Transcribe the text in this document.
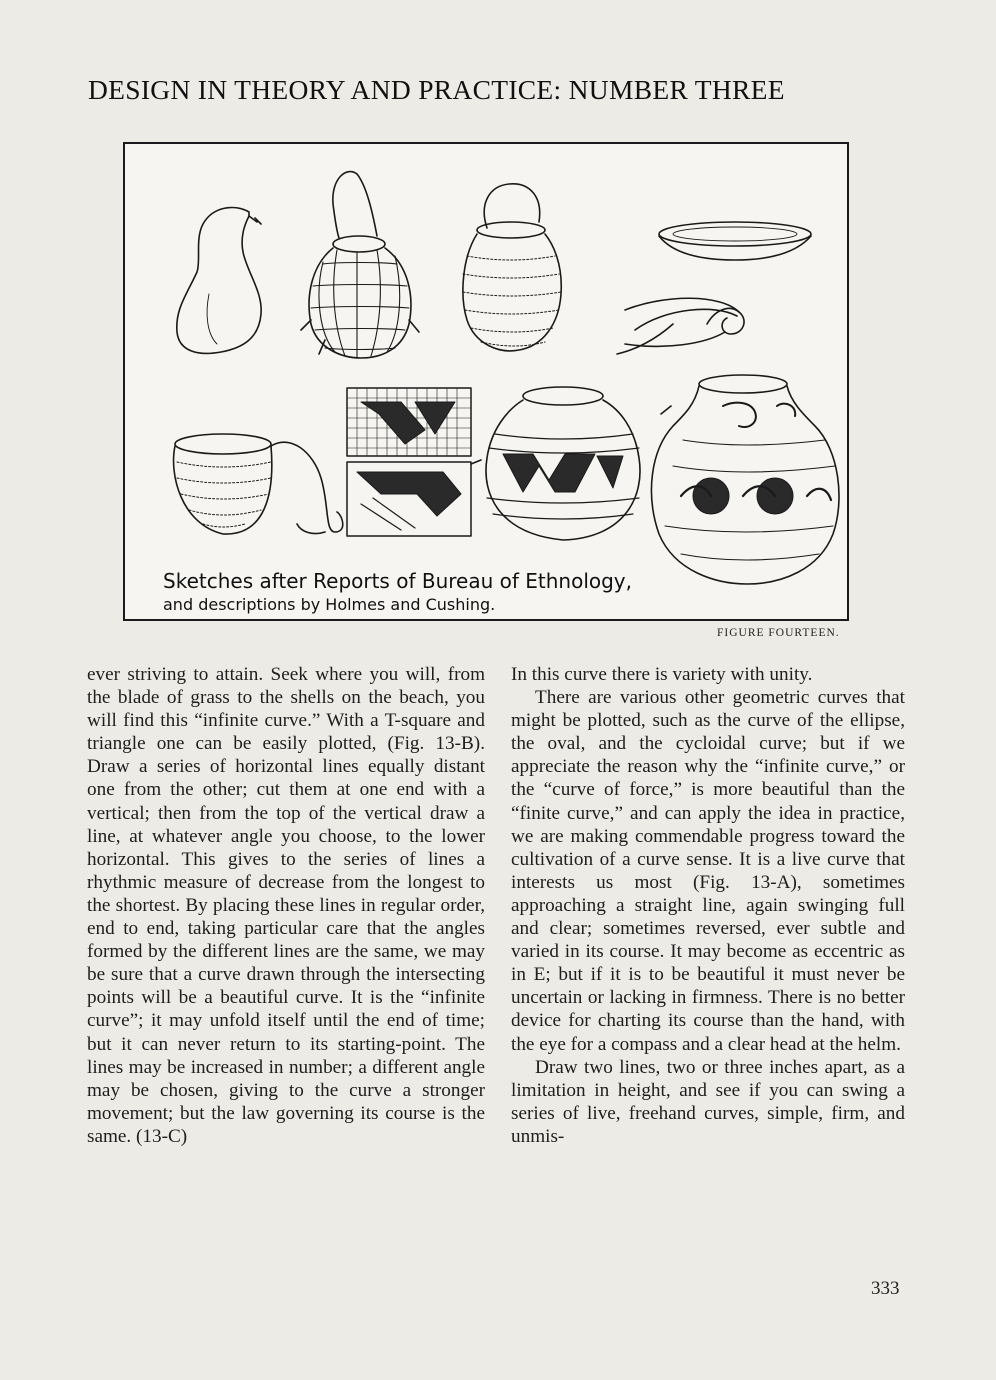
DESIGN IN THEORY AND PRACTICE: NUMBER THREE
Sketches after Reports of Bureau of Ethnology,
and descriptions by Holmes and Cushing.
FIGURE FOURTEEN.

ever striving to attain. Seek where you will, from the blade of grass to the shells on the beach, you will find this “infinite curve.” With a T-square and triangle one can be easily plotted, (Fig. 13-B). Draw a series of horizontal lines equally distant one from the other; cut them at one end with a vertical; then from the top of the vertical draw a line, at whatever angle you choose, to the lower horizontal. This gives to the series of lines a rhythmic measure of decrease from the longest to the shortest. By placing these lines in regular order, end to end, taking particular care that the angles formed by the different lines are the same, we may be sure that a curve drawn through the intersecting points will be a beautiful curve. It is the “infinite curve”; it may unfold itself until the end of time; but it can never return to its starting-point. The lines may be increased in number; a different angle may be chosen, giving to the curve a stronger movement; but the law governing its course is the same. (13-C)

In this curve there is variety with unity.

There are various other geometric curves that might be plotted, such as the curve of the ellipse, the oval, and the cycloidal curve; but if we appreciate the reason why the “infinite curve,” or the “curve of force,” is more beautiful than the “finite curve,” and can apply the idea in practice, we are making commendable progress toward the cultivation of a curve sense. It is a live curve that interests us most (Fig. 13-A), sometimes approaching a straight line, again swinging full and clear; sometimes reversed, ever subtle and varied in its course. It may become as eccentric as in E; but if it is to be beautiful it must never be uncertain or lacking in firmness. There is no better device for charting its course than the hand, with the eye for a compass and a clear head at the helm.

Draw two lines, two or three inches apart, as a limitation in height, and see if you can swing a series of live, freehand curves, simple, firm, and unmis-

333
